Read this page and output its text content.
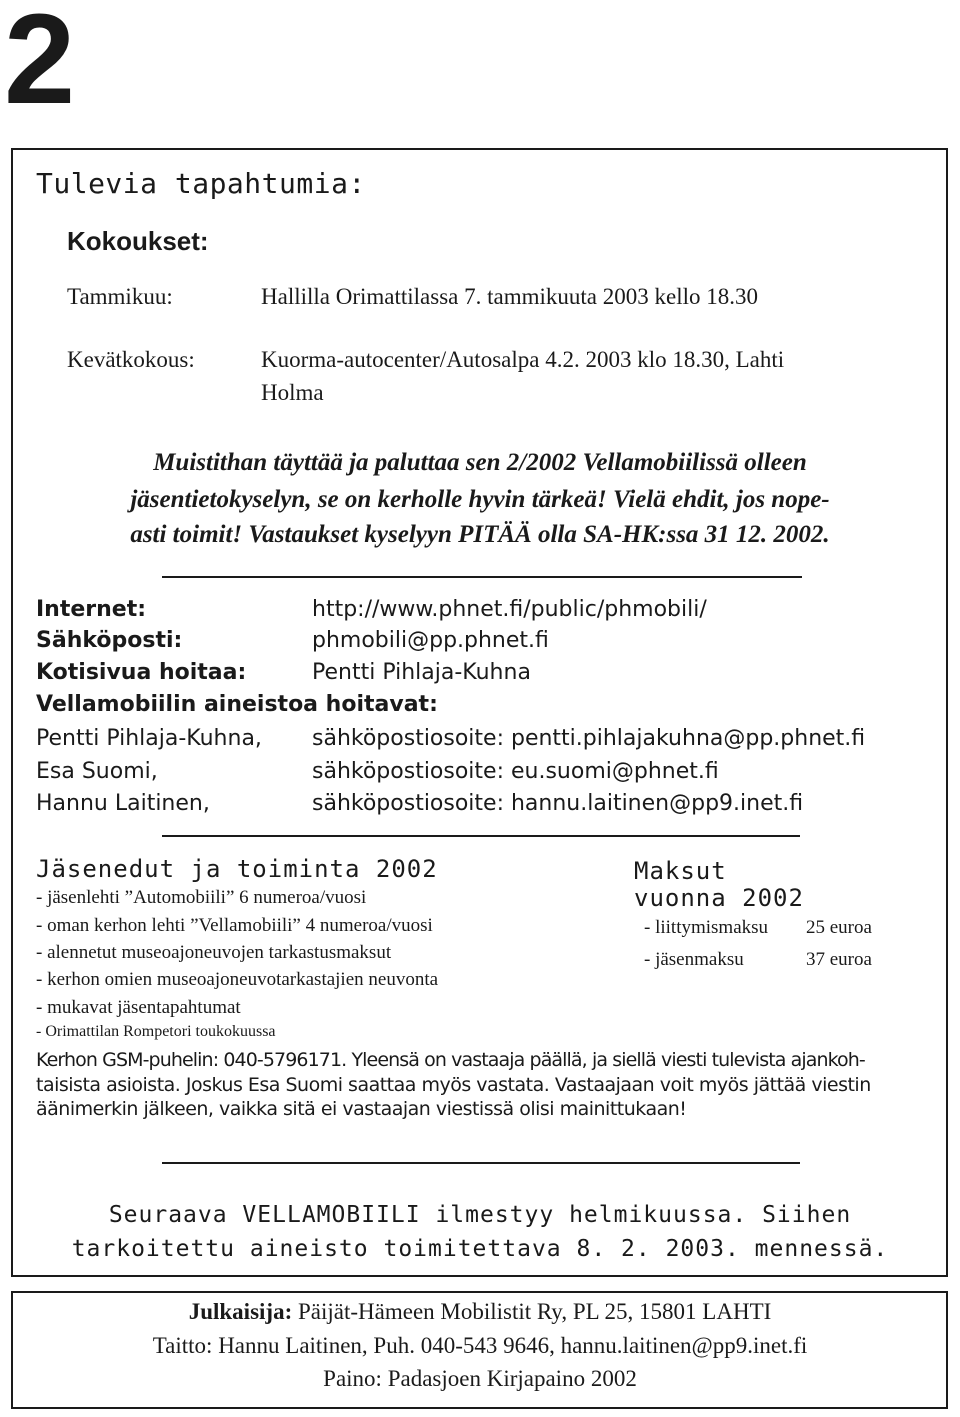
2
Tulevia tapahtumia:
Kokoukset:
Tammikuu:	Hallilla Orimattilassa 7. tammikuuta 2003 kello 18.30
Kevätkokous:	Kuorma-autocenter/Autosalpa 4.2. 2003 klo 18.30, Lahti
Holma
Muistithan täyttää ja paluttaa sen 2/2002 Vellamobiilissä olleen
jäsentietokyselyn, se on kerholle hyvin tärkeä! Vielä ehdit, jos nope-
asti toimit! Vastaukset kyselyyn PITÄÄ olla SA-HK:ssa 31 12. 2002.
Internet:	http://www.phnet.fi/public/phmobili/
Sähköposti:	phmobili@pp.phnet.fi
Kotisivua hoitaa:	Pentti Pihlaja-Kuhna
Vellamobiilin aineistoa hoitavat:
Pentti Pihlaja-Kuhna, sähköpostiosoite: pentti.pihlajakuhna@pp.phnet.fi
Esa Suomi,	sähköpostiosoite: eu.suomi@phnet.fi
Hannu Laitinen,	sähköpostiosoite: hannu.laitinen@pp9.inet.fi
Jäsenedut ja toiminta 2002
- jäsenlehti ”Automobiili” 6 numeroa/vuosi
- oman kerhon lehti ”Vellamobiili” 4 numeroa/vuosi
- alennetut museoajoneuvojen tarkastusmaksut
- kerhon omien museoajoneuvotarkastajien neuvonta
- mukavat jäsentapahtumat
- Orimattilan Rompetori toukokuussa
Maksut
vuonna 2002
- liittymismaksu 25 euroa
- jäsenmaksu	37 euroa
Kerhon GSM-puhelin: 040-5796171. Yleensä on vastaaja päällä, ja siellä viesti tulevista ajankoh-
taisista asioista. Joskus Esa Suomi saattaa myös vastata. Vastaajaan voit myös jättää viestin
äänimerkin jälkeen, vaikka sitä ei vastaajan viestissä olisi mainittukaan!
Seuraava VELLAMOBIILI ilmestyy helmikuussa. Siihen
tarkoitettu aineisto toimitettava 8. 2. 2003. mennessä.
Julkaisija: Päijät-Hämeen Mobilistit Ry, PL 25, 15801 LAHTI
Taitto: Hannu Laitinen, Puh. 040-543 9646, hannu.laitinen@pp9.inet.fi
Paino: Padasjoen Kirjapaino 2002
